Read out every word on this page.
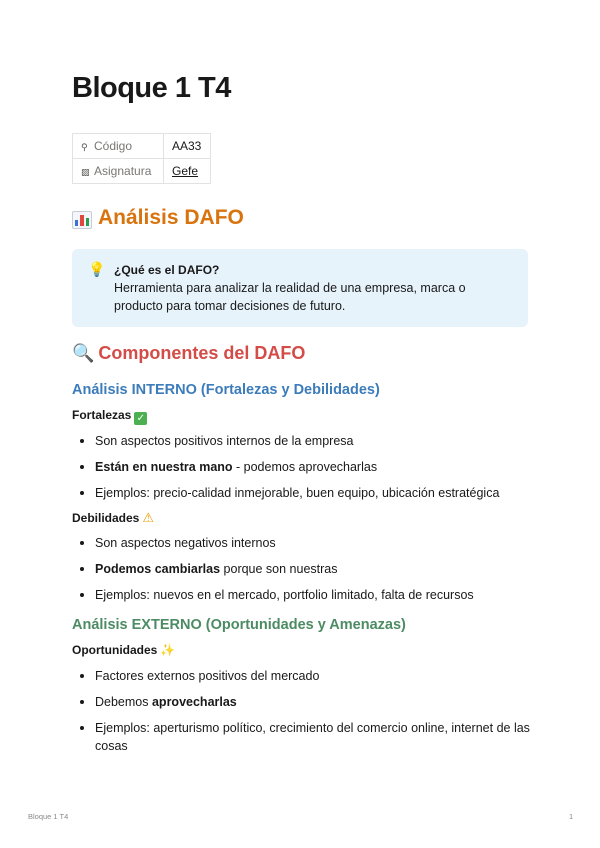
Bloque 1 T4
⚲ Código	AA33
▨ Asignatura	Gefe
Análisis DAFO
💡 ¿Qué es el DAFO?
Herramienta para analizar la realidad de una empresa, marca o producto para tomar decisiones de futuro.
🔍 Componentes del DAFO
Análisis INTERNO (Fortalezas y Debilidades)
Fortalezas ✓
Son aspectos positivos internos de la empresa
Están en nuestra mano - podemos aprovecharlas
Ejemplos: precio-calidad inmejorable, buen equipo, ubicación estratégica
Debilidades ⚠
Son aspectos negativos internos
Podemos cambiarlas porque son nuestras
Ejemplos: nuevos en el mercado, portfolio limitado, falta de recursos
Análisis EXTERNO (Oportunidades y Amenazas)
Oportunidades ✨
Factores externos positivos del mercado
Debemos aprovecharlas
Ejemplos: aperturismo político, crecimiento del comercio online, internet de las cosas
Bloque 1 T4	1
